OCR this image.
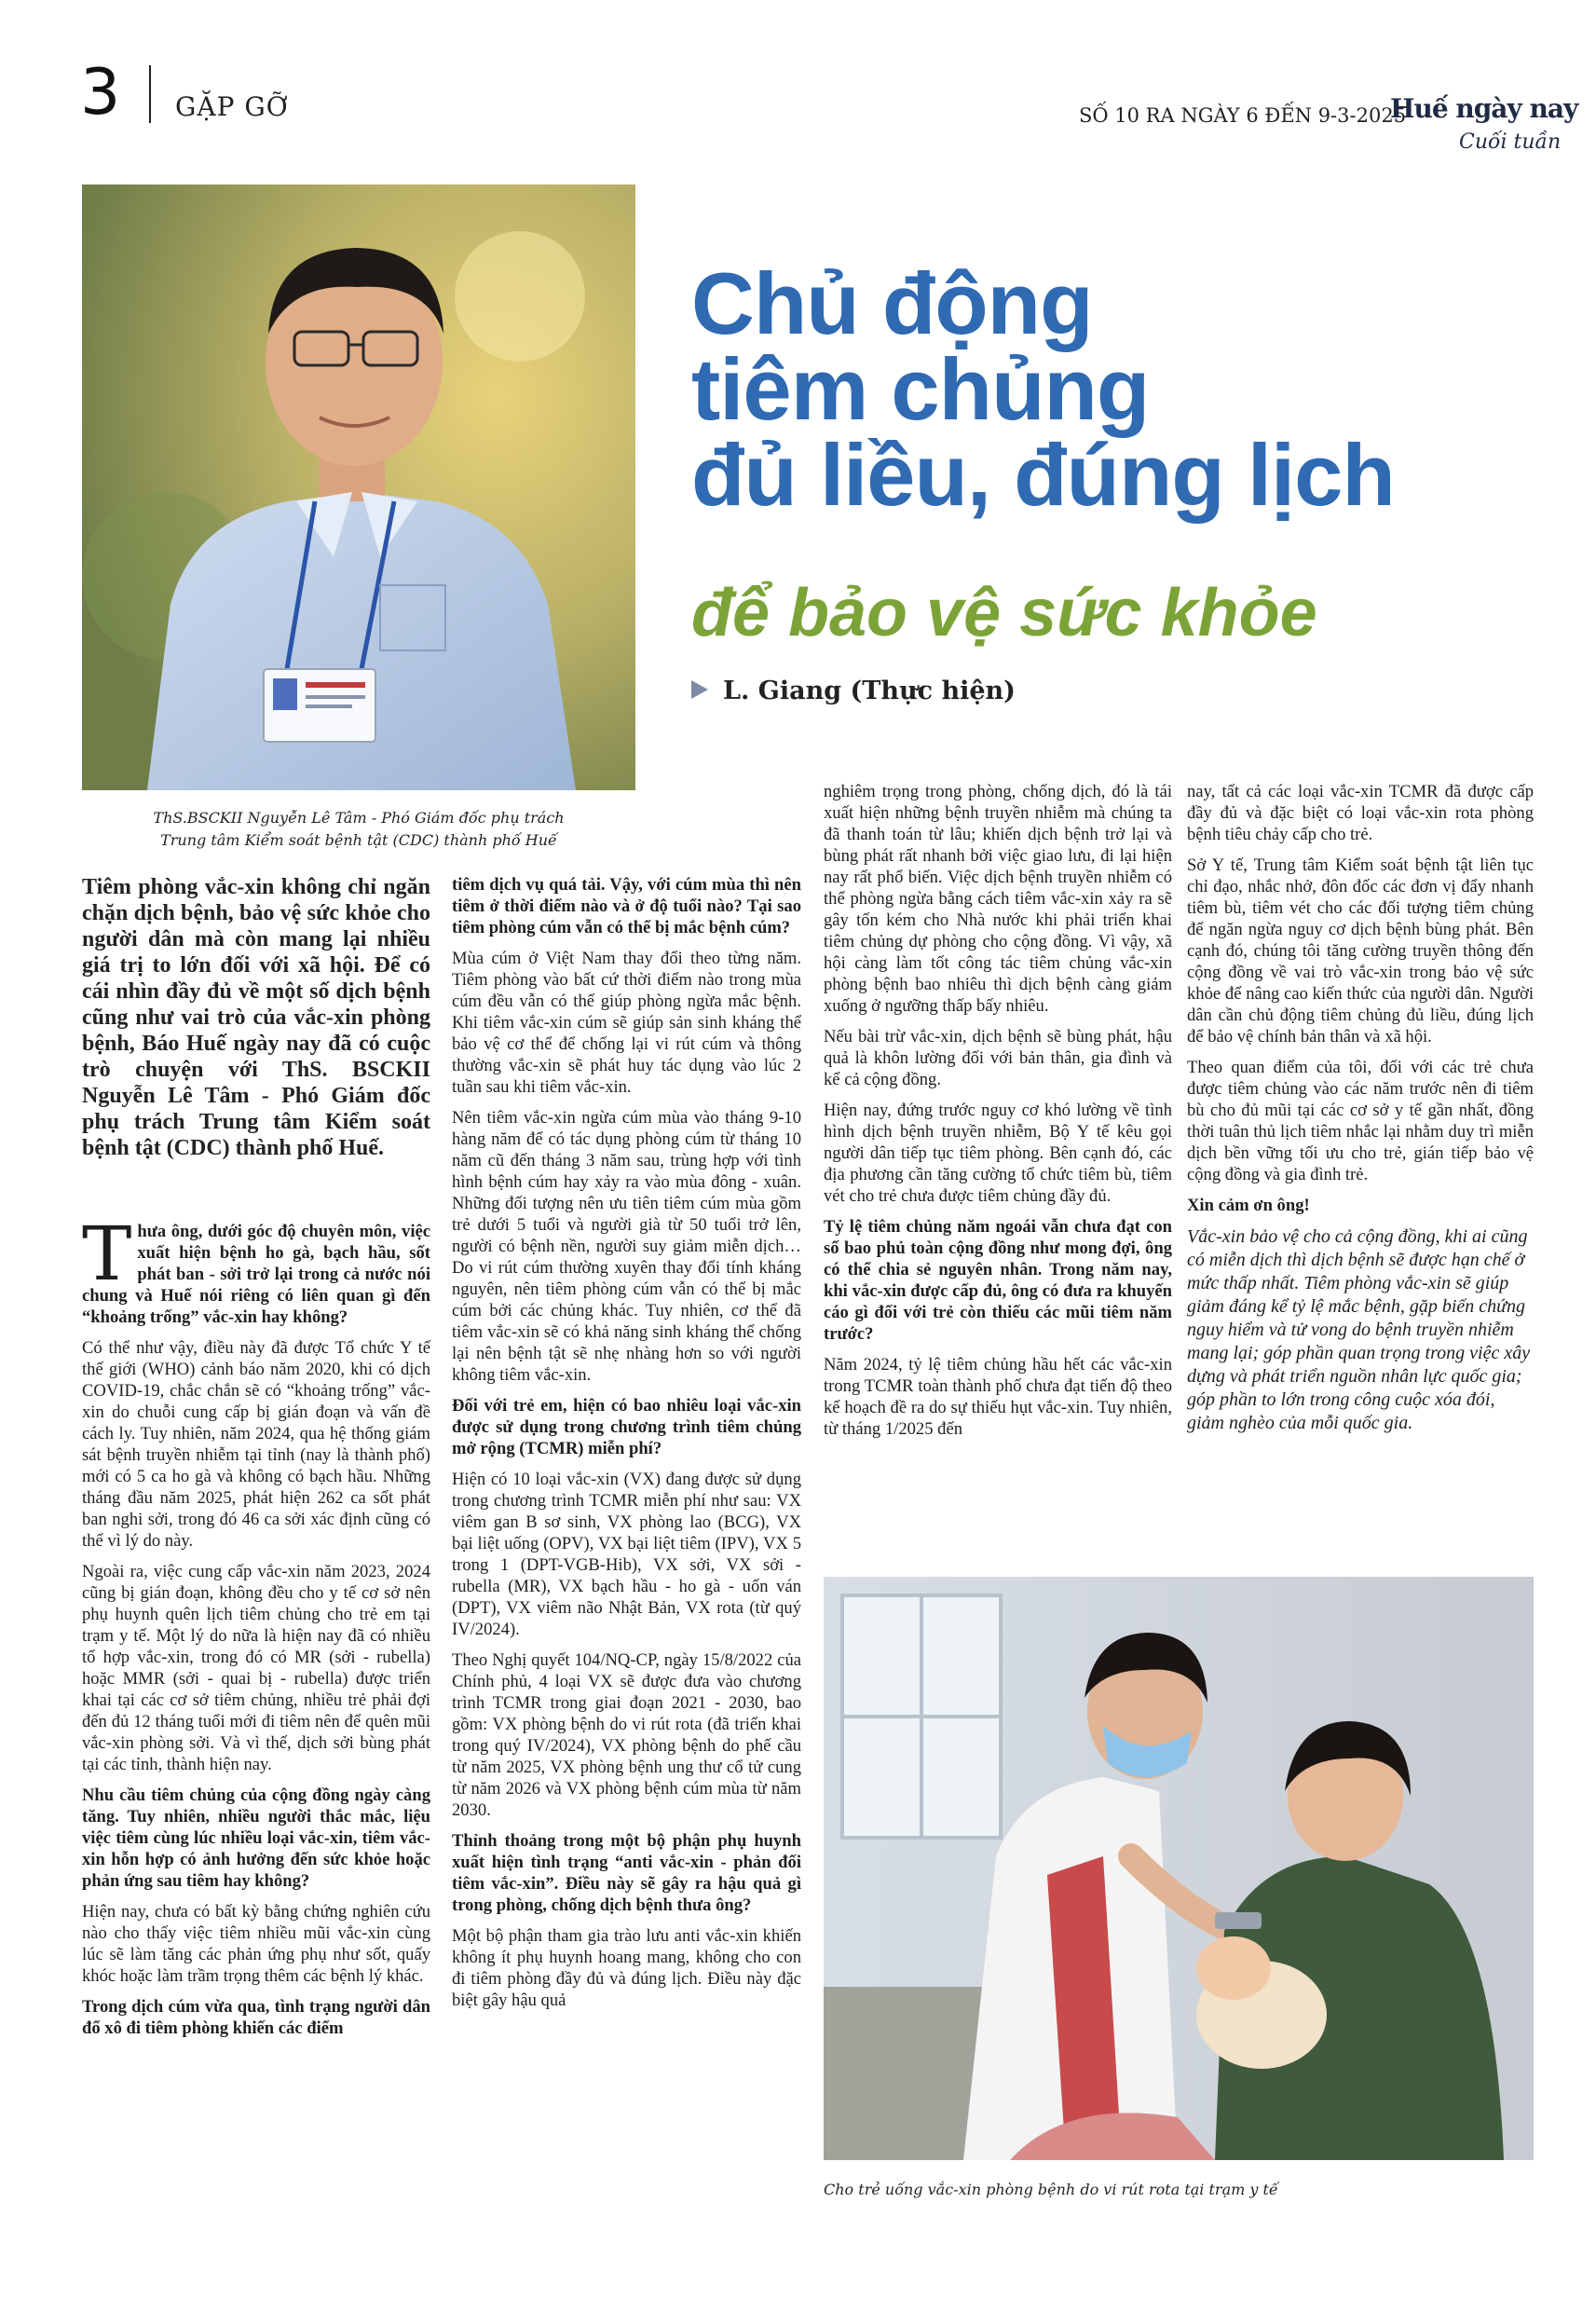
3 GẶP GỠ	SỐ 10 RA NGÀY 6 ĐẾN 9-3-2025
Huế ngày nay
Cuối tuần
ThS.BSCKII Nguyễn Lê Tâm - Phó Giám đốc phụ trách
Trung tâm Kiểm soát bệnh tật (CDC) thành phố Huế
Chủ động
tiêm chủng
đủ liều, đúng lịch
để bảo vệ sức khỏe
L. Giang (Thực hiện)
Tiêm phòng vắc-xin không chỉ ngăn chặn dịch bệnh, bảo vệ sức khỏe cho người dân mà còn mang lại nhiều giá trị to lớn đối với xã hội. Để có cái nhìn đầy đủ về một số dịch bệnh cũng như vai trò của vắc-xin phòng bệnh, Báo Huế ngày nay đã có cuộc trò chuyện với ThS. BSCKII Nguyễn Lê Tâm - Phó Giám đốc phụ trách Trung tâm Kiểm soát bệnh tật (CDC) thành phố Huế.

Thưa ông, dưới góc độ chuyên môn, việc xuất hiện bệnh ho gà, bạch hầu, sốt phát ban - sởi trở lại trong cả nước nói chung và Huế nói riêng có liên quan gì đến “khoảng trống” vắc-xin hay không?

Có thể như vậy, điều này đã được Tổ chức Y tế thế giới (WHO) cảnh báo năm 2020, khi có dịch COVID-19, chắc chắn sẽ có “khoảng trống” vắc-xin do chuỗi cung cấp bị gián đoạn và vấn đề cách ly. Tuy nhiên, năm 2024, qua hệ thống giám sát bệnh truyền nhiễm tại tỉnh (nay là thành phố) mới có 5 ca ho gà và không có bạch hầu. Những tháng đầu năm 2025, phát hiện 262 ca sốt phát ban nghi sởi, trong đó 46 ca sởi xác định cũng có thể vì lý do này.

Ngoài ra, việc cung cấp vắc-xin năm 2023, 2024 cũng bị gián đoạn, không đều cho y tế cơ sở nên phụ huynh quên lịch tiêm chủng cho trẻ em tại trạm y tế. Một lý do nữa là hiện nay đã có nhiều tổ hợp vắc-xin, trong đó có MR (sởi - rubella) hoặc MMR (sởi - quai bị - rubella) được triển khai tại các cơ sở tiêm chủng, nhiều trẻ phải đợi đến đủ 12 tháng tuổi mới đi tiêm nên để quên mũi vắc-xin phòng sởi. Và vì thế, dịch sởi bùng phát tại các tỉnh, thành hiện nay.

Nhu cầu tiêm chủng của cộng đồng ngày càng tăng. Tuy nhiên, nhiều người thắc mắc, liệu việc tiêm cùng lúc nhiều loại vắc-xin, tiêm vắc-xin hỗn hợp có ảnh hưởng đến sức khỏe hoặc phản ứng sau tiêm hay không?

Hiện nay, chưa có bất kỳ bằng chứng nghiên cứu nào cho thấy việc tiêm nhiều mũi vắc-xin cùng lúc sẽ làm tăng các phản ứng phụ như sốt, quấy khóc hoặc làm trầm trọng thêm các bệnh lý khác.

Trong dịch cúm vừa qua, tình trạng người dân đổ xô đi tiêm phòng khiến các điểm

tiêm dịch vụ quá tải. Vậy, với cúm mùa thì nên tiêm ở thời điểm nào và ở độ tuổi nào? Tại sao tiêm phòng cúm vẫn có thể bị mắc bệnh cúm?

Mùa cúm ở Việt Nam thay đổi theo từng năm. Tiêm phòng vào bất cứ thời điểm nào trong mùa cúm đều vẫn có thể giúp phòng ngừa mắc bệnh. Khi tiêm vắc-xin cúm sẽ giúp sản sinh kháng thể bảo vệ cơ thể để chống lại vi rút cúm và thông thường vắc-xin sẽ phát huy tác dụng vào lúc 2 tuần sau khi tiêm vắc-xin.

Nên tiêm vắc-xin ngừa cúm mùa vào tháng 9-10 hàng năm để có tác dụng phòng cúm từ tháng 10 năm cũ đến tháng 3 năm sau, trùng hợp với tình hình bệnh cúm hay xảy ra vào mùa đông - xuân. Những đối tượng nên ưu tiên tiêm cúm mùa gồm trẻ dưới 5 tuổi và người già từ 50 tuổi trở lên, người có bệnh nền, người suy giảm miễn dịch… Do vi rút cúm thường xuyên thay đổi tính kháng nguyên, nên tiêm phòng cúm vẫn có thể bị mắc cúm bởi các chủng khác. Tuy nhiên, cơ thể đã tiêm vắc-xin sẽ có khả năng sinh kháng thể chống lại nên bệnh tật sẽ nhẹ nhàng hơn so với người không tiêm vắc-xin.

Đối với trẻ em, hiện có bao nhiêu loại vắc-xin được sử dụng trong chương trình tiêm chủng mở rộng (TCMR) miễn phí?

Hiện có 10 loại vắc-xin (VX) đang được sử dụng trong chương trình TCMR miễn phí như sau: VX viêm gan B sơ sinh, VX phòng lao (BCG), VX bại liệt uống (OPV), VX bại liệt tiêm (IPV), VX 5 trong 1 (DPT-VGB-Hib), VX sởi, VX sởi - rubella (MR), VX bạch hầu - ho gà - uốn ván (DPT), VX viêm não Nhật Bản, VX rota (từ quý IV/2024).

Theo Nghị quyết 104/NQ-CP, ngày 15/8/2022 của Chính phủ, 4 loại VX sẽ được đưa vào chương trình TCMR trong giai đoạn 2021 - 2030, bao gồm: VX phòng bệnh do vi rút rota (đã triển khai trong quý IV/2024), VX phòng bệnh do phế cầu từ năm 2025, VX phòng bệnh ung thư cổ tử cung từ năm 2026 và VX phòng bệnh cúm mùa từ năm 2030.

Thỉnh thoảng trong một bộ phận phụ huynh xuất hiện tình trạng “anti vắc-xin - phản đối tiêm vắc-xin”. Điều này sẽ gây ra hậu quả gì trong phòng, chống dịch bệnh thưa ông?

Một bộ phận tham gia trào lưu anti vắc-xin khiến không ít phụ huynh hoang mang, không cho con đi tiêm phòng đầy đủ và đúng lịch. Điều này đặc biệt gây hậu quả

nghiêm trọng trong phòng, chống dịch, đó là tái xuất hiện những bệnh truyền nhiễm mà chúng ta đã thanh toán từ lâu; khiến dịch bệnh trở lại và bùng phát rất nhanh bởi việc giao lưu, đi lại hiện nay rất phổ biến. Việc dịch bệnh truyền nhiễm có thể phòng ngừa bằng cách tiêm vắc-xin xảy ra sẽ gây tốn kém cho Nhà nước khi phải triển khai tiêm chủng dự phòng cho cộng đồng. Vì vậy, xã hội càng làm tốt công tác tiêm chủng vắc-xin phòng bệnh bao nhiêu thì dịch bệnh càng giảm xuống ở ngưỡng thấp bấy nhiêu.

Nếu bài trừ vắc-xin, dịch bệnh sẽ bùng phát, hậu quả là khôn lường đối với bản thân, gia đình và kể cả cộng đồng.

Hiện nay, đứng trước nguy cơ khó lường về tình hình dịch bệnh truyền nhiễm, Bộ Y tế kêu gọi người dân tiếp tục tiêm phòng. Bên cạnh đó, các địa phương cần tăng cường tổ chức tiêm bù, tiêm vét cho trẻ chưa được tiêm chủng đầy đủ.

Tỷ lệ tiêm chủng năm ngoái vẫn chưa đạt con số bao phủ toàn cộng đồng như mong đợi, ông có thể chia sẻ nguyên nhân. Trong năm nay, khi vắc-xin được cấp đủ, ông có đưa ra khuyến cáo gì đối với trẻ còn thiếu các mũi tiêm năm trước?

Năm 2024, tỷ lệ tiêm chủng hầu hết các vắc-xin trong TCMR toàn thành phố chưa đạt tiến độ theo kế hoạch đề ra do sự thiếu hụt vắc-xin. Tuy nhiên, từ tháng 1/2025 đến

nay, tất cả các loại vắc-xin TCMR đã được cấp đầy đủ và đặc biệt có loại vắc-xin rota phòng bệnh tiêu chảy cấp cho trẻ.

Sở Y tế, Trung tâm Kiểm soát bệnh tật liên tục chỉ đạo, nhắc nhở, đôn đốc các đơn vị đẩy nhanh tiêm bù, tiêm vét cho các đối tượng tiêm chủng để ngăn ngừa nguy cơ dịch bệnh bùng phát. Bên cạnh đó, chúng tôi tăng cường truyền thông đến cộng đồng về vai trò vắc-xin trong bảo vệ sức khỏe để nâng cao kiến thức của người dân. Người dân cần chủ động tiêm chủng đủ liều, đúng lịch để bảo vệ chính bản thân và xã hội.

Theo quan điểm của tôi, đối với các trẻ chưa được tiêm chủng vào các năm trước nên đi tiêm bù cho đủ mũi tại các cơ sở y tế gần nhất, đồng thời tuân thủ lịch tiêm nhắc lại nhằm duy trì miễn dịch bền vững tối ưu cho trẻ, gián tiếp bảo vệ cộng đồng và gia đình trẻ.

Xin cảm ơn ông!

Vắc-xin bảo vệ cho cả cộng đồng, khi ai cũng có miễn dịch thì dịch bệnh sẽ được hạn chế ở mức thấp nhất. Tiêm phòng vắc-xin sẽ giúp giảm đáng kể tỷ lệ mắc bệnh, gặp biến chứng nguy hiểm và tử vong do bệnh truyền nhiễm mang lại; góp phần quan trọng trong việc xây dựng và phát triển nguồn nhân lực quốc gia; góp phần to lớn trong công cuộc xóa đói, giảm nghèo của mỗi quốc gia.

Cho trẻ uống vắc-xin phòng bệnh do vi rút rota tại trạm y tế
